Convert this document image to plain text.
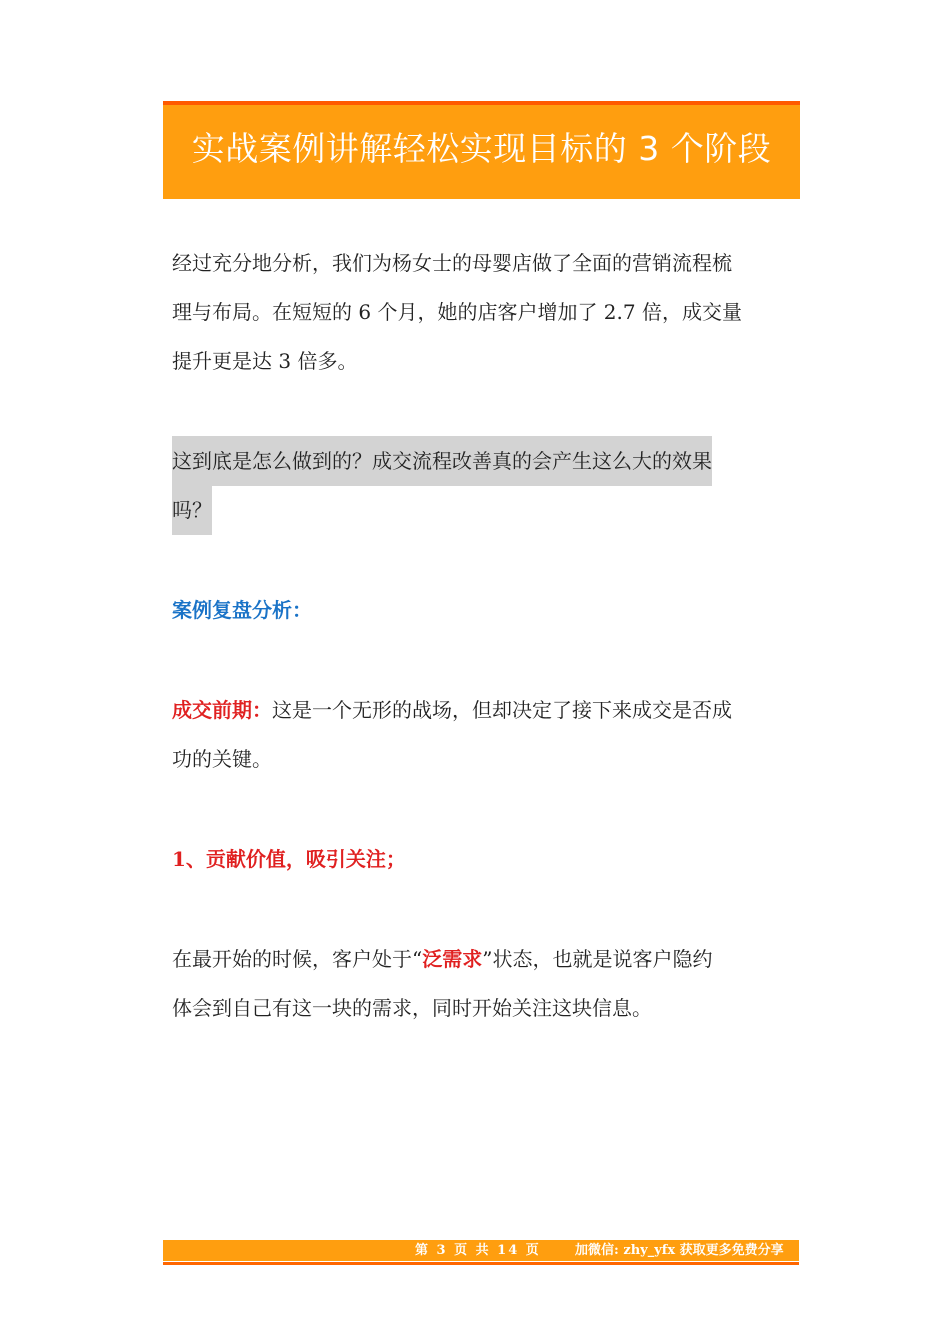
实战案例讲解轻松实现目标的 3 个阶段
经过充分地分析，我们为杨女士的母婴店做了全面的营销流程梳
理与布局。在短短的 6 个月，她的店客户增加了 2.7 倍，成交量
提升更是达 3 倍多。
这到底是怎么做到的？成交流程改善真的会产生这么大的效果
吗？
案例复盘分析：
成交前期：这是一个无形的战场，但却决定了接下来成交是否成
功的关键。
1、贡献价值，吸引关注；
在最开始的时候，客户处于“泛需求”状态，也就是说客户隐约
体会到自己有这一块的需求，同时开始关注这块信息。
第 3 页 共 14 页	加微信: zhy_yfx 获取更多免费分享
